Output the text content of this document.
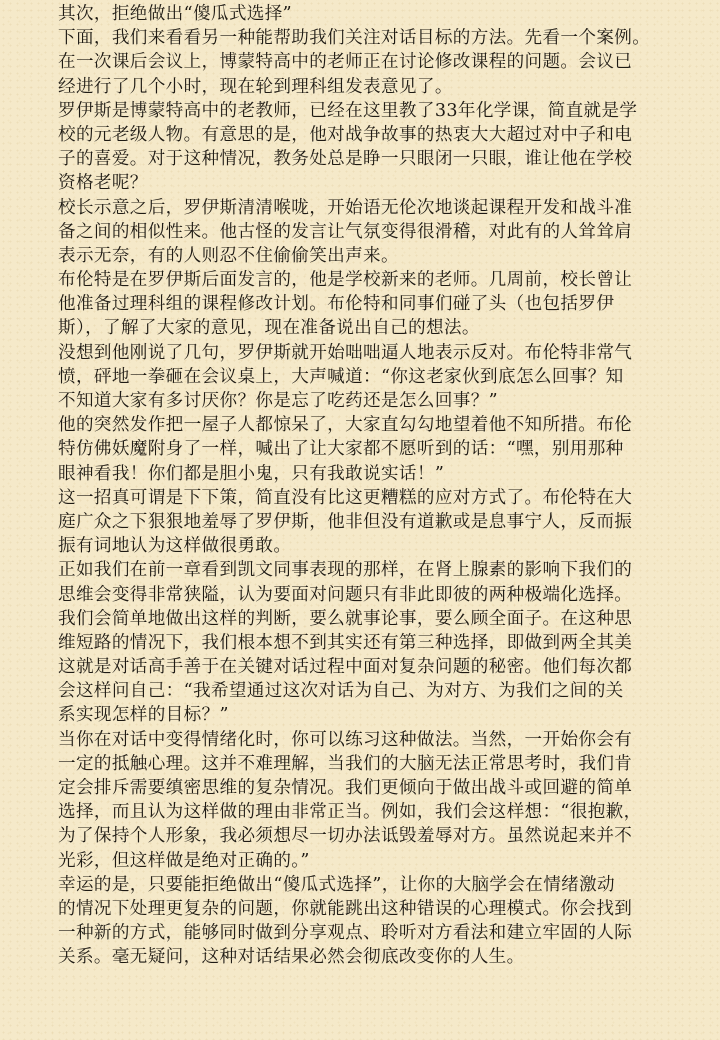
其次，拒绝做出“傻瓜式选择”
下面，我们来看看另一种能帮助我们关注对话目标的方法。先看一个案例。
在一次课后会议上，博蒙特高中的老师正在讨论修改课程的问题。会议已
经进行了几个小时，现在轮到理科组发表意见了。
罗伊斯是博蒙特高中的老教师，已经在这里教了33年化学课，简直就是学
校的元老级人物。有意思的是，他对战争故事的热衷大大超过对中子和电
子的喜爱。对于这种情况，教务处总是睁一只眼闭一只眼，谁让他在学校
资格老呢？
校长示意之后，罗伊斯清清喉咙，开始语无伦次地谈起课程开发和战斗准
备之间的相似性来。他古怪的发言让气氛变得很滑稽，对此有的人耸耸肩
表示无奈，有的人则忍不住偷偷笑出声来。
布伦特是在罗伊斯后面发言的，他是学校新来的老师。几周前，校长曾让
他准备过理科组的课程修改计划。布伦特和同事们碰了头（也包括罗伊
斯），了解了大家的意见，现在准备说出自己的想法。
没想到他刚说了几句，罗伊斯就开始咄咄逼人地表示反对。布伦特非常气
愤，砰地一拳砸在会议桌上，大声喊道：“你这老家伙到底怎么回事？知
不知道大家有多讨厌你？你是忘了吃药还是怎么回事？”
他的突然发作把一屋子人都惊呆了，大家直勾勾地望着他不知所措。布伦
特仿佛妖魔附身了一样，喊出了让大家都不愿听到的话：“嘿，别用那种
眼神看我！你们都是胆小鬼，只有我敢说实话！”
这一招真可谓是下下策，简直没有比这更糟糕的应对方式了。布伦特在大
庭广众之下狠狠地羞辱了罗伊斯，他非但没有道歉或是息事宁人，反而振
振有词地认为这样做很勇敢。
正如我们在前一章看到凯文同事表现的那样，在肾上腺素的影响下我们的
思维会变得非常狭隘，认为要面对问题只有非此即彼的两种极端化选择。
我们会简单地做出这样的判断，要么就事论事，要么顾全面子。在这种思
维短路的情况下，我们根本想不到其实还有第三种选择，即做到两全其美
这就是对话高手善于在关键对话过程中面对复杂问题的秘密。他们每次都
会这样问自己：“我希望通过这次对话为自己、为对方、为我们之间的关
系实现怎样的目标？”
当你在对话中变得情绪化时，你可以练习这种做法。当然，一开始你会有
一定的抵触心理。这并不难理解，当我们的大脑无法正常思考时，我们肯
定会排斥需要缜密思维的复杂情况。我们更倾向于做出战斗或回避的简单
选择，而且认为这样做的理由非常正当。例如，我们会这样想：“很抱歉，
为了保持个人形象，我必须想尽一切办法诋毁羞辱对方。虽然说起来并不
光彩，但这样做是绝对正确的。”
幸运的是，只要能拒绝做出“傻瓜式选择”，让你的大脑学会在情绪激动
的情况下处理更复杂的问题，你就能跳出这种错误的心理模式。你会找到
一种新的方式，能够同时做到分享观点、聆听对方看法和建立牢固的人际
关系。毫无疑问，这种对话结果必然会彻底改变你的人生。
